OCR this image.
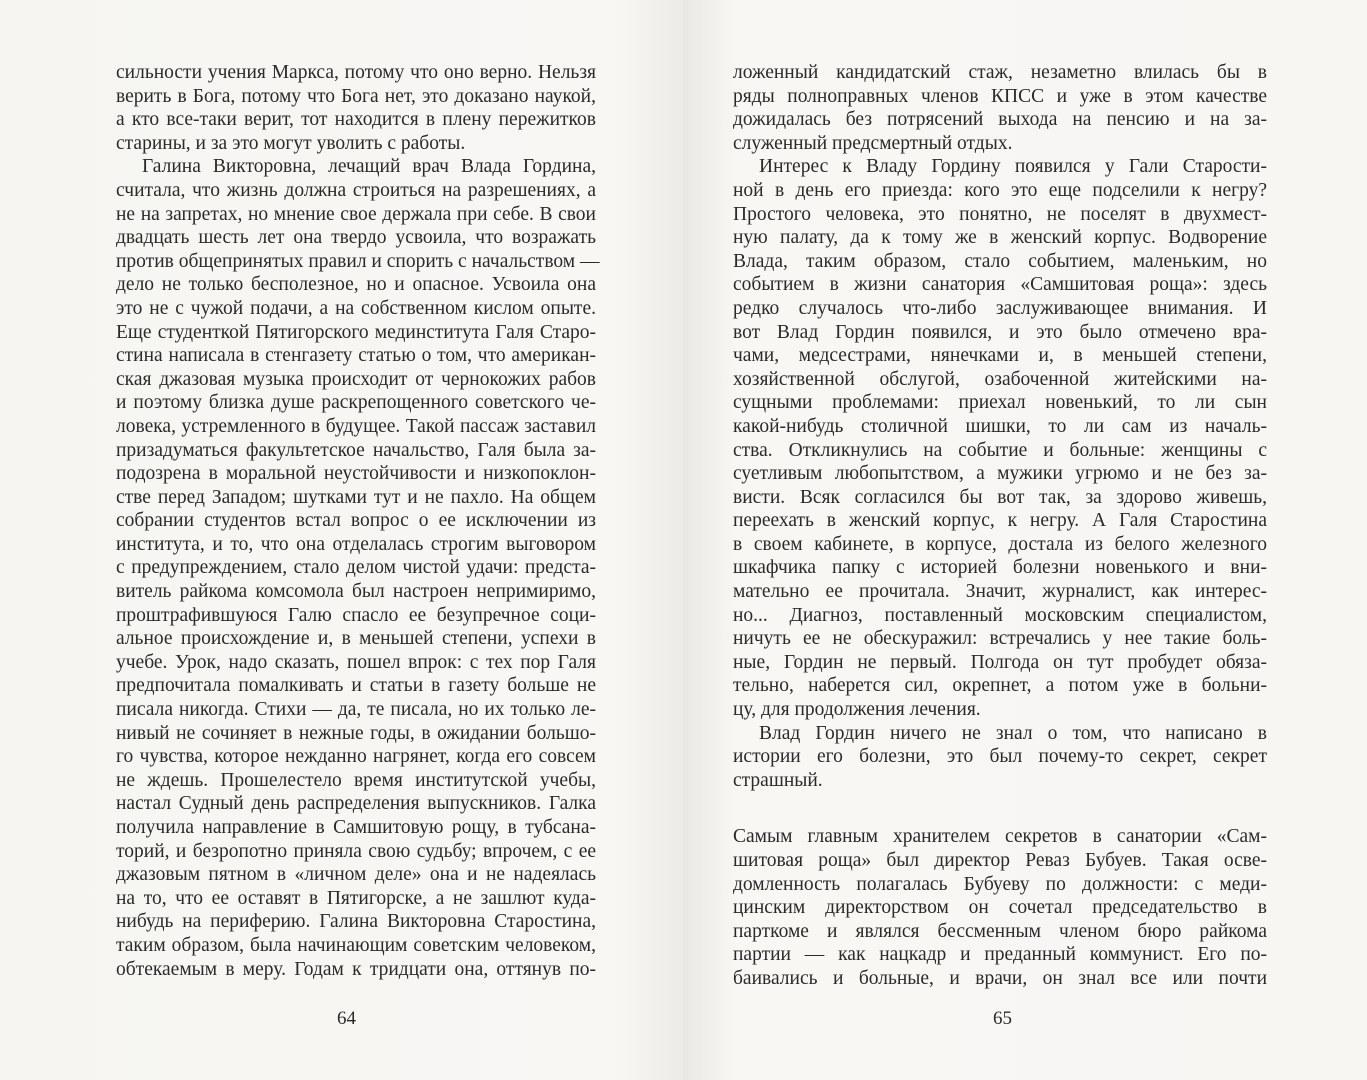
сильности учения Маркса, потому что оно верно. Нельзя
верить в Бога, потому что Бога нет, это доказано наукой,
а кто все-таки верит, тот находится в плену пережитков
старины, и за это могут уволить с работы.
Галина Викторовна, лечащий врач Влада Гордина,
считала, что жизнь должна строиться на разрешениях, а
не на запретах, но мнение свое держала при себе. В свои
двадцать шесть лет она твердо усвоила, что возражать
против общепринятых правил и спорить с начальством —
дело не только бесполезное, но и опасное. Усвоила она
это не с чужой подачи, а на собственном кислом опыте.
Еще студенткой Пятигорского мединститута Галя Старо-
стина написала в стенгазету статью о том, что американ-
ская джазовая музыка происходит от чернокожих рабов
и поэтому близка душе раскрепощенного советского че-
ловека, устремленного в будущее. Такой пассаж заставил
призадуматься факультетское начальство, Галя была за-
подозрена в моральной неустойчивости и низкопоклон-
стве перед Западом; шутками тут и не пахло. На общем
собрании студентов встал вопрос о ее исключении из
института, и то, что она отделалась строгим выговором
с предупреждением, стало делом чистой удачи: предста-
витель райкома комсомола был настроен непримиримо,
проштрафившуюся Галю спасло ее безупречное соци-
альное происхождение и, в меньшей степени, успехи в
учебе. Урок, надо сказать, пошел впрок: с тех пор Галя
предпочитала помалкивать и статьи в газету больше не
писала никогда. Стихи — да, те писала, но их только ле-
нивый не сочиняет в нежные годы, в ожидании большо-
го чувства, которое нежданно нагрянет, когда его совсем
не ждешь. Прошелестело время институтской учебы,
настал Судный день распределения выпускников. Галка
получила направление в Самшитовую рощу, в тубсана-
торий, и безропотно приняла свою судьбу; впрочем, с ее
джазовым пятном в «личном деле» она и не надеялась
на то, что ее оставят в Пятигорске, а не зашлют куда-
нибудь на периферию. Галина Викторовна Старостина,
таким образом, была начинающим советским человеком,
обтекаемым в меру. Годам к тридцати она, оттянув по-
64
ложенный кандидатский стаж, незаметно влилась бы в
ряды полноправных членов КПСС и уже в этом качестве
дожидалась без потрясений выхода на пенсию и на за-
служенный предсмертный отдых.
Интерес к Владу Гордину появился у Гали Старости-
ной в день его приезда: кого это еще подселили к негру?
Простого человека, это понятно, не поселят в двухмест-
ную палату, да к тому же в женский корпус. Водворение
Влада, таким образом, стало событием, маленьким, но
событием в жизни санатория «Самшитовая роща»: здесь
редко случалось что-либо заслуживающее внимания. И
вот Влад Гордин появился, и это было отмечено вра-
чами, медсестрами, нянечками и, в меньшей степени,
хозяйственной обслугой, озабоченной житейскими на-
сущными проблемами: приехал новенький, то ли сын
какой-нибудь столичной шишки, то ли сам из началь-
ства. Откликнулись на событие и больные: женщины с
суетливым любопытством, а мужики угрюмо и не без за-
висти. Всяк согласился бы вот так, за здорово живешь,
переехать в женский корпус, к негру. А Галя Старостина
в своем кабинете, в корпусе, достала из белого железного
шкафчика папку с историей болезни новенького и вни-
мательно ее прочитала. Значит, журналист, как интерес-
но... Диагноз, поставленный московским специалистом,
ничуть ее не обескуражил: встречались у нее такие боль-
ные, Гордин не первый. Полгода он тут пробудет обяза-
тельно, наберется сил, окрепнет, а потом уже в больни-
цу, для продолжения лечения.
Влад Гордин ничего не знал о том, что написано в
истории его болезни, это был почему-то секрет, секрет
страшный.
Самым главным хранителем секретов в санатории «Сам-
шитовая роща» был директор Реваз Бубуев. Такая осве-
домленность полагалась Бубуеву по должности: с меди-
цинским директорством он сочетал председательство в
парткоме и являлся бессменным членом бюро райкома
партии — как нацкадр и преданный коммунист. Его по-
баивались и больные, и врачи, он знал все или почти
65
